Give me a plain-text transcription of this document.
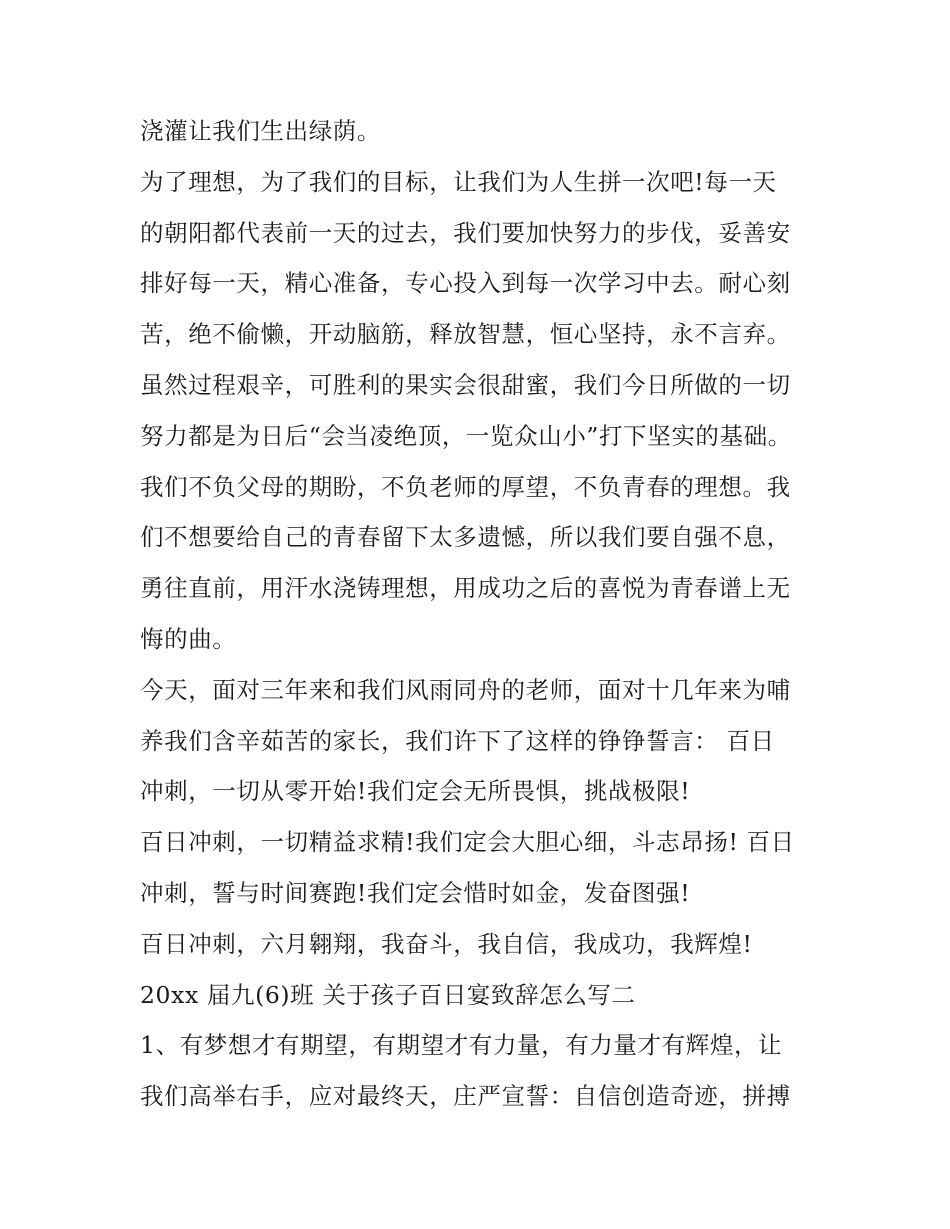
浇灌让我们生出绿荫。
为了理想，为了我们的目标，让我们为人生拼一次吧!每一天
的朝阳都代表前一天的过去，我们要加快努力的步伐，妥善安
排好每一天，精心准备，专心投入到每一次学习中去。耐心刻
苦，绝不偷懒，开动脑筋，释放智慧，恒心坚持，永不言弃。
虽然过程艰辛，可胜利的果实会很甜蜜，我们今日所做的一切
努力都是为日后“会当凌绝顶，一览众山小”打下坚实的基础。
我们不负父母的期盼，不负老师的厚望，不负青春的理想。我
们不想要给自己的青春留下太多遗憾，所以我们要自强不息，
勇往直前，用汗水浇铸理想，用成功之后的喜悦为青春谱上无
悔的曲。
今天，面对三年来和我们风雨同舟的老师，面对十几年来为哺
养我们含辛茹苦的家长，我们许下了这样的铮铮誓言： 百日
冲刺，一切从零开始!我们定会无所畏惧，挑战极限!
百日冲刺，一切精益求精!我们定会大胆心细，斗志昂扬! 百日
冲刺，誓与时间赛跑!我们定会惜时如金，发奋图强!
百日冲刺，六月翱翔，我奋斗，我自信，我成功，我辉煌!
20xx 届九(6)班 关于孩子百日宴致辞怎么写二
1、有梦想才有期望，有期望才有力量，有力量才有辉煌，让
我们高举右手，应对最终天，庄严宣誓：自信创造奇迹，拼搏
